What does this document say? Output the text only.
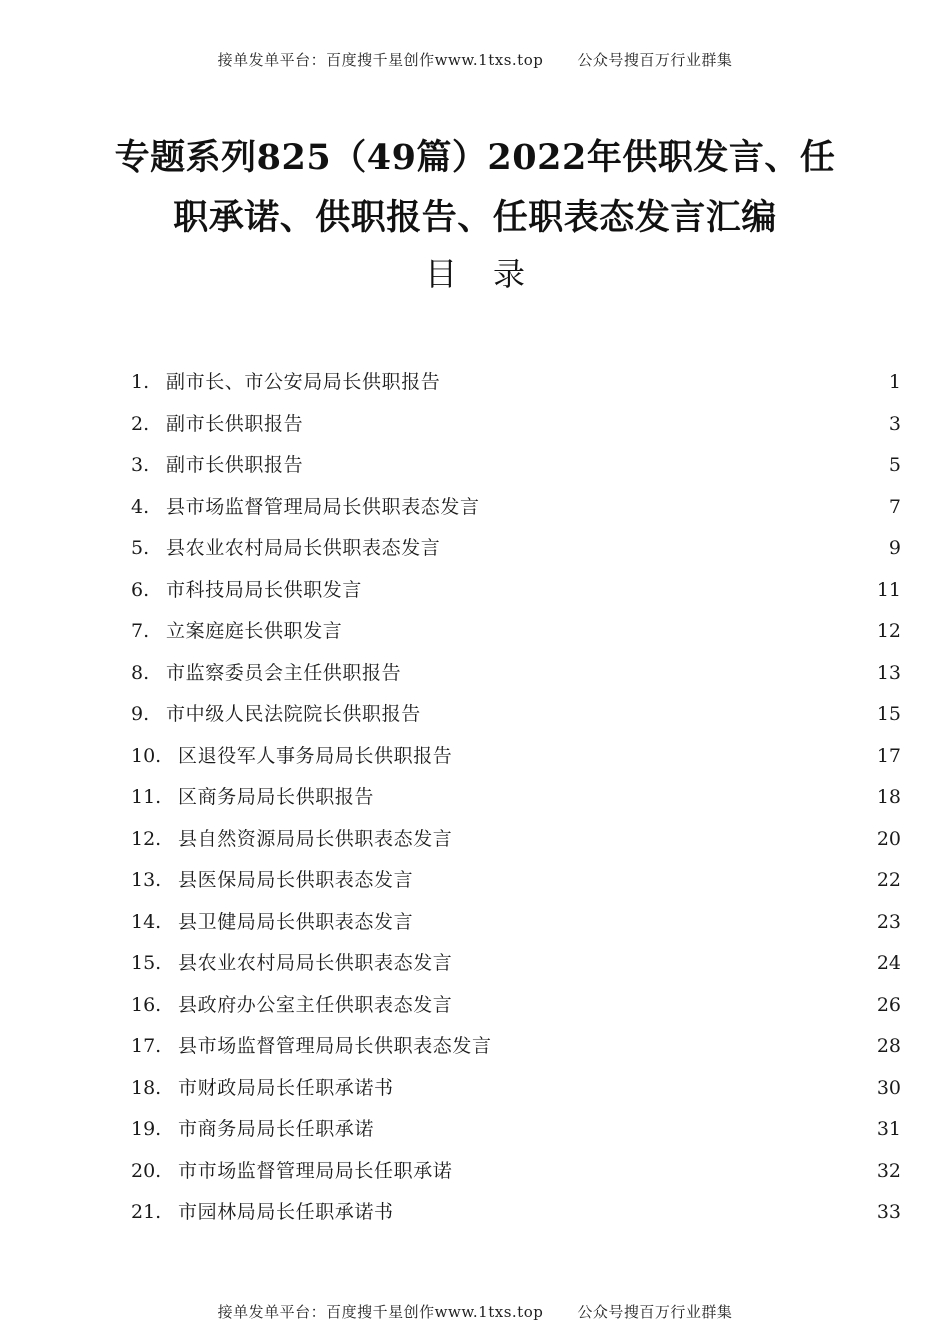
接单发单平台：百度搜千星创作www.1txs.top 公众号搜百万行业群集
专题系列825（49篇）2022年供职发言、任
职承诺、供职报告、任职表态发言汇编
目录
1. 副市长、市公安局局长供职报告	1
2. 副市长供职报告	3
3. 副市长供职报告	5
4. 县市场监督管理局局长供职表态发言	7
5. 县农业农村局局长供职表态发言	9
6. 市科技局局长供职发言	11
7. 立案庭庭长供职发言	12
8. 市监察委员会主任供职报告	13
9. 市中级人民法院院长供职报告	15
10. 区退役军人事务局局长供职报告	17
11. 区商务局局长供职报告	18
12. 县自然资源局局长供职表态发言	20
13. 县医保局局长供职表态发言	22
14. 县卫健局局长供职表态发言	23
15. 县农业农村局局长供职表态发言	24
16. 县政府办公室主任供职表态发言	26
17. 县市场监督管理局局长供职表态发言	28
18. 市财政局局长任职承诺书	30
19. 市商务局局长任职承诺	31
20. 市市场监督管理局局长任职承诺	32
21. 市园林局局长任职承诺书	33
接单发单平台：百度搜千星创作www.1txs.top 公众号搜百万行业群集
